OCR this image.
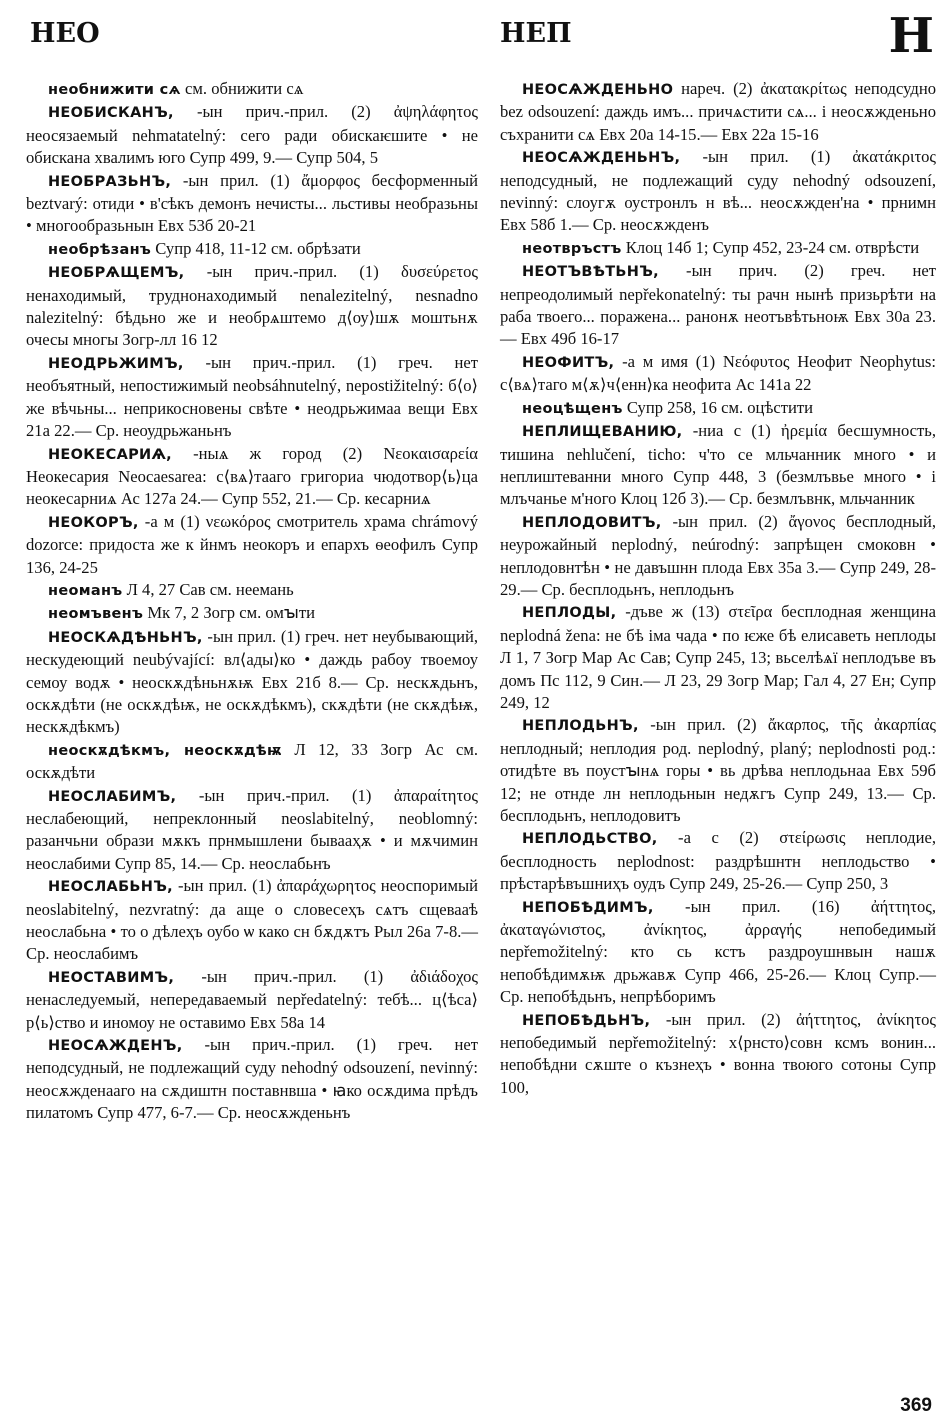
НЕО	НЕП	Н

необнижити сѧ см. обнижити сѧ

НЕОБИСКАНЪ, -ын прич.-прил. (2) ἀψηλάφητος неосязаемый nehmatatelný: сего ради обискаѥшите • не обискана хвалимъ юго Супр 499, 9.— Супр 504, 5

НЕОБРАЗЬНЪ, -ын прил. (1) ἄμορφος бесформенный beztvarý: отиди • в'сѣкъ демонъ нечисты... льстивы необразьны • многообразьнын Евх 53б 20-21

необрѣзанъ Супр 418, 11-12 см. обрѣзати

НЕОБРѦЩЕМЪ, -ын прич.-прил. (1) δυσεύρετος ненаходимый, труднонаходимый nenalezitelný, nesnadno nalezitelný: бѣдьно же и необрѧштемо д⟨оу⟩шѫ моштьнѫ очесы многы Зогр-лл 16 12

НЕОДРЬЖИМЪ, -ын прич.-прил. (1) греч. нет необъятный, непостижимый neobsáhnutelný, nepostižitelný: б⟨о⟩же вѣчьны... неприкосновены свѣте • неодрьжимаа вещи Евх 21а 22.— Ср. неоудрьжаньнъ

НЕОКЕСАРИѦ, -ныѧ ж город (2) Νεοκαισαρεία Неокесария Neocaesarea: с⟨вѧ⟩тааго григориа чюдотвор⟨ь⟩ца неокесарниѧ Ас 127а 24.— Супр 552, 21.— Ср. кесарниѧ

НЕОКОРЪ, -а м (1) νεωκόρος смотритель храма chrámový dozorce: придоста же к йнмъ неокоръ и епархъ ѳеофилъ Супр 136, 24-25

неоманъ Л 4, 27 Сав см. неемань

неомъвенъ Мк 7, 2 Зогр см. омꙑти

НЕОСКѦДѢНЬНЪ, -ын прил. (1) греч. нет неубывающий, нескудеющий neubývající: вл⟨ады⟩ко • даждь рабоу твоемоу семоу водѫ • неоскѫдѣньнѫѭ Евх 21б 8.— Ср. нескѫдьнъ, оскѫдѣти (не оскѫдѣѭ, не оскѫдѣкмъ), скѫдѣти (не скѫдѣѭ, нескѫдѣкмъ)

неоскѫдѣкмъ, неоскѫдѣѭ Л 12, 33 Зогр Ас см. оскѫдѣти

НЕОСЛАБИМЪ, -ын прич.-прил. (1) ἀπαραίτητος неслабеющий, непреклонный neoslabitelný, neoblomný: разанчьни образи мѫкъ прнмышлени бывааҳѫ • и мѫчимин неослабими Супр 85, 14.— Ср. неослабьнъ

НЕОСЛАБЬНЪ, -ын прил. (1) ἀπαράχωρητος неоспоримый neoslabitelný, nezvratný: да аще о словесеҳъ сѧтъ сщевааѣ неослабьна • то о дѣлеҳъ оубо ѡ како сн бѫдѫтъ Рыл 26а 7-8.— Ср. неослабимъ

НЕОСТАВИМЪ, -ын прич.-прил. (1) ἀδιάδοχος ненаследуемый, непередаваемый nepředatelný: тебѣ... ц⟨ѣса⟩р⟨ь⟩ство и иномоу не оставимо Евх 58а 14

НЕОСѦЖДЕНЪ, -ын прич.-прил. (1) греч. нет неподсудный, не подлежащий суду nehodný odsouzení, nevinný: неосѫжденааго на сѫдиштн поставнвша • ꙗко осѫдима прѣдъ пилатомъ Супр 477, 6-7.— Ср. неосѫжденьнъ

НЕОСѦЖДЕНЬНО нареч. (2) ἀκατακρίτως неподсудно bez odsouzení: даждь имъ... причѧстити сѧ... і неосѫжденьно съхранити сѧ Евх 20а 14-15.— Евх 22а 15-16

НЕОСѦЖДЕНЬНЪ, -ын прил. (1) ἀκατάκριτος неподсудный, не подлежащий суду nehodný odsouzení, nevinný: слоугѫ оустронлъ н вѣ... неосѫжден'на • прнимн Евх 58б 1.— Ср. неосѫжденъ

неотвръстъ Клоц 14б 1; Супр 452, 23-24 см. отврѣсти

НЕОТЪВѢТЬНЪ, -ын прич. (2) греч. нет непреодолимый nepřekonatelný: ты рачн нынѣ призьрѣти на раба твоего... поражена... ранонѫ неотъвѣтьноѭ Евх 30а 23.— Евх 49б 16-17

НЕОФИТЪ, -а м имя (1) Νεόφυτος Неофит Neophytus: с⟨вѧ⟩таго м⟨ѫ⟩ч⟨енн⟩ка неофита Ас 141а 22

неоцѣщенъ Супр 258, 16 см. оцѣстити

НЕПЛИЩЕВАНИЮ, -ниа с (1) ἠρεμία бесшумность, тишина nehlučení, ticho: ч'то се мльчанник много • и неплиштеванни много Супр 448, 3 (безмлъвье много • і млъчанье м'ного Клоц 12б 3).— Ср. безмлъвнк, мльчанник

НЕПЛОДОВИТЪ, -ын прил. (2) ἄγονος бесплодный, неурожайный neplodný, neúrodný: запрѣщен смоковн • неплодовнтѣн • не давъшнн плода Евх 35а 3.— Супр 249, 28-29.— Ср. бесплодьнъ, неплодьнъ

НЕПЛОДЫ, -дъве ж (13) στεῖρα бесплодная женщина neplodná žena: не бѣ іма чада • по ѥже бѣ елисаветь неплоды Л 1, 7 Зогр Мар Ас Сав; Супр 245, 13; вьселѣѧї неплодъве въ домъ Пс 112, 9 Син.— Л 23, 29 Зогр Мар; Гал 4, 27 Ен; Супр 249, 12

НЕПЛОДЬНЪ, -ын прил. (2) ἄκαρπος, τῆς ἀκαρπίας неплодный; неплодия род. neplodný, planý; neplodnosti род.: отидѣте въ поустꙑнѧ горы • вь дрѣва неплодьнаа Евх 59б 12; не отнде лн неплодьнын недѫгъ Супр 249, 13.— Ср. бесплодьнъ, неплодовитъ

НЕПЛОДЬСТВО, -а с (2) στείρωσις неплодие, бесплодность neplodnost: раздрѣшнтн неплодьство • прѣстарѣвъшниҳъ оудъ Супр 249, 25-26.— Супр 250, 3

НЕПОБѢДИМЪ, -ын прил. (16) ἀήττητος, ἀκαταγώνιστος, ἀνίκητος, ἀρραγής непобедимый nepřemožitelný: кто сь кстъ раздроушнвын нашѫ непобѣдимѫѭ дрьжавѫ Супр 466, 25-26.— Клоц Супр.— Ср. непобѣдьнъ, непрѣборимъ

НЕПОБѢДЬНЪ, -ын прил. (2) ἀήττητος, ἀνίκητος непобедимый nepřemožitelný: х⟨рнсто⟩совн ксмъ вонин... непобѣдни сѫште о къзнеҳъ • вонна твоюго сотоны Супр 100,

369
